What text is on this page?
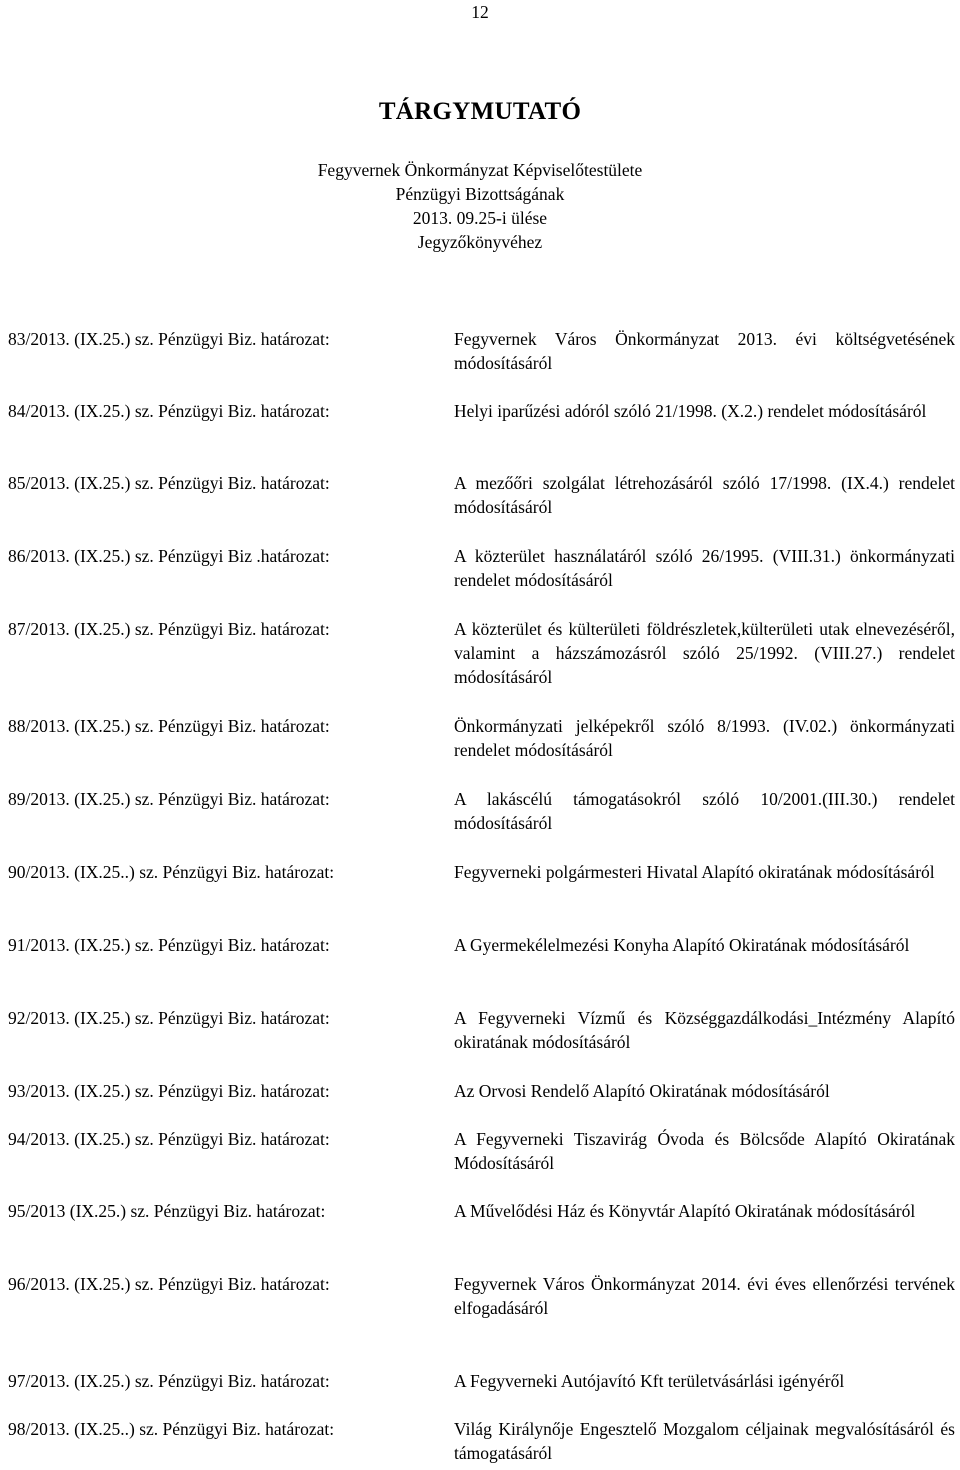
12
TÁRGYMUTATÓ
Fegyvernek Önkormányzat Képviselőtestülete
Pénzügyi Bizottságának
2013. 09.25-i ülése
Jegyzőkönyvéhez
83/2013. (IX.25.) sz. Pénzügyi Biz. határozat:	Fegyvernek Város Önkormányzat 2013. évi költségvetésének módosításáról
84/2013. (IX.25.) sz. Pénzügyi Biz. határozat:	Helyi iparűzési adóról szóló 21/1998. (X.2.) rendelet módosításáról
85/2013. (IX.25.) sz. Pénzügyi Biz. határozat:	A mezőőri szolgálat létrehozásáról szóló 17/1998. (IX.4.) rendelet módosításáról
86/2013. (IX.25.) sz. Pénzügyi Biz .határozat:	A közterület használatáról szóló 26/1995. (VIII.31.) önkormányzati rendelet módosításáról
87/2013. (IX.25.) sz. Pénzügyi Biz. határozat:	A közterület és külterületi földrészletek,külterületi utak elnevezéséről, valamint a házszámozásról szóló 25/1992. (VIII.27.) rendelet módosításáról
88/2013. (IX.25.) sz. Pénzügyi Biz. határozat:	Önkormányzati jelképekről szóló 8/1993. (IV.02.) önkormányzati rendelet módosításáról
89/2013. (IX.25.) sz. Pénzügyi Biz. határozat:	A lakáscélú támogatásokról szóló 10/2001.(III.30.) rendelet módosításáról
90/2013. (IX.25..) sz. Pénzügyi Biz. határozat:	Fegyverneki polgármesteri Hivatal Alapító okiratának módosításáról
91/2013. (IX.25.) sz. Pénzügyi Biz. határozat:	A Gyermekélelmezési Konyha Alapító Okiratának módosításáról
92/2013. (IX.25.) sz. Pénzügyi Biz. határozat:	A Fegyverneki Vízmű és Községgazdálkodási_Intézmény Alapító okiratának módosításáról
93/2013. (IX.25.) sz. Pénzügyi Biz. határozat:	Az Orvosi Rendelő Alapító Okiratának módosításáról
94/2013. (IX.25.) sz. Pénzügyi Biz. határozat:	A Fegyverneki Tiszavirág Óvoda és Bölcsőde Alapító Okiratának Módosításáról
95/2013 (IX.25.) sz. Pénzügyi Biz. határozat:	A Művelődési Ház és Könyvtár Alapító Okiratának módosításáról
96/2013. (IX.25.) sz. Pénzügyi Biz. határozat:	Fegyvernek Város Önkormányzat 2014. évi éves ellenőrzési tervének elfogadásáról
97/2013. (IX.25.) sz. Pénzügyi Biz. határozat:	A Fegyverneki Autójavító Kft területvásárlási igényéről
98/2013. (IX.25..) sz. Pénzügyi Biz. határozat:	Világ Királynője Engesztelő Mozgalom céljainak megvalósításáról és támogatásáról
